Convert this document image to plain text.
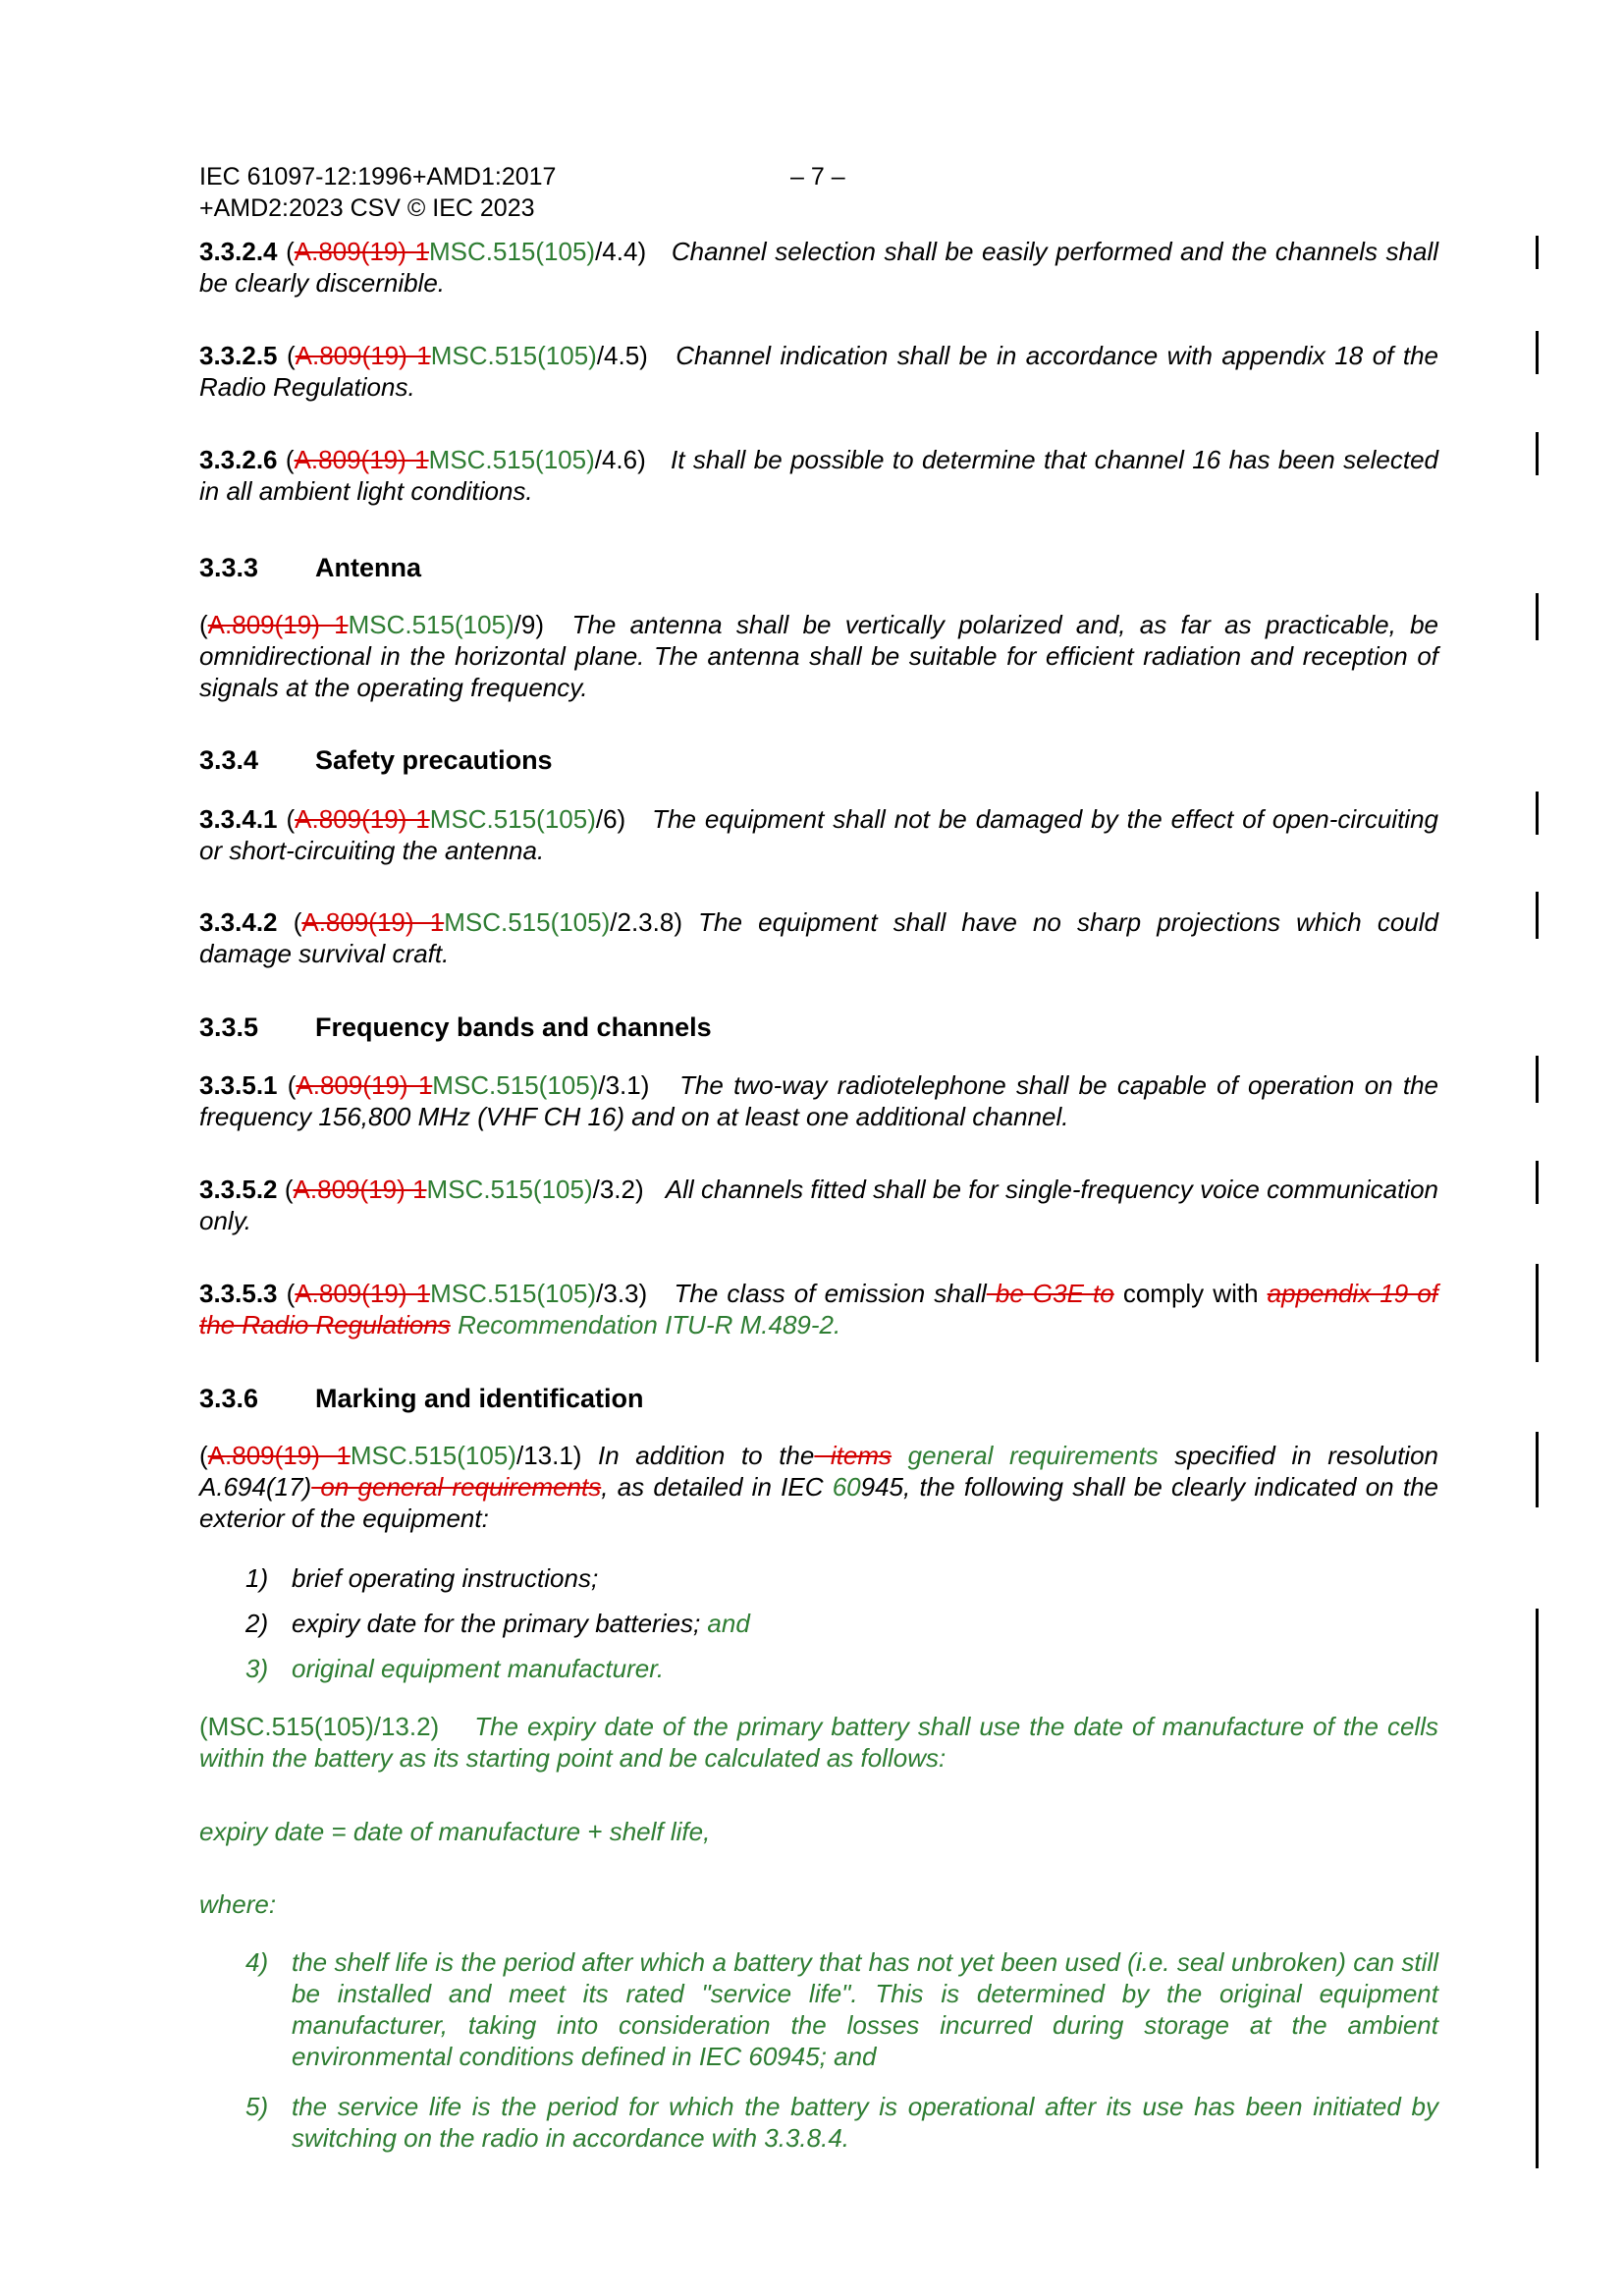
IEC 61097-12:1996+AMD1:2017
+AMD2:2023 CSV © IEC 2023
– 7 –
3.3.2.4 (A.809(19) 1MSC.515(105)/4.4) Channel selection shall be easily performed and the channels shall be clearly discernible.
3.3.2.5 (A.809(19) 1MSC.515(105)/4.5) Channel indication shall be in accordance with appendix 18 of the Radio Regulations.
3.3.2.6 (A.809(19) 1MSC.515(105)/4.6) It shall be possible to determine that channel 16 has been selected in all ambient light conditions.
3.3.3 Antenna
(A.809(19) 1MSC.515(105)/9) The antenna shall be vertically polarized and, as far as practicable, be omnidirectional in the horizontal plane. The antenna shall be suitable for efficient radiation and reception of signals at the operating frequency.
3.3.4 Safety precautions
3.3.4.1 (A.809(19) 1MSC.515(105)/6) The equipment shall not be damaged by the effect of open-circuiting or short-circuiting the antenna.
3.3.4.2 (A.809(19) 1MSC.515(105)/2.3.8) The equipment shall have no sharp projections which could damage survival craft.
3.3.5 Frequency bands and channels
3.3.5.1 (A.809(19) 1MSC.515(105)/3.1) The two-way radiotelephone shall be capable of operation on the frequency 156,800 MHz (VHF CH 16) and on at least one additional channel.
3.3.5.2 (A.809(19) 1MSC.515(105)/3.2) All channels fitted shall be for single-frequency voice communication only.
3.3.5.3 (A.809(19) 1MSC.515(105)/3.3) The class of emission shall be G3E to comply with appendix 19 of the Radio Regulations Recommendation ITU-R M.489-2.
3.3.6 Marking and identification
(A.809(19) 1MSC.515(105)/13.1) In addition to the items general requirements specified in resolution A.694(17) on general requirements, as detailed in IEC 60945, the following shall be clearly indicated on the exterior of the equipment:
1) brief operating instructions;
2) expiry date for the primary batteries; and
3) original equipment manufacturer.
(MSC.515(105)/13.2) The expiry date of the primary battery shall use the date of manufacture of the cells within the battery as its starting point and be calculated as follows:
expiry date = date of manufacture + shelf life,
where:
4) the shelf life is the period after which a battery that has not yet been used (i.e. seal unbroken) can still be installed and meet its rated "service life". This is determined by the original equipment manufacturer, taking into consideration the losses incurred during storage at the ambient environmental conditions defined in IEC 60945; and
5) the service life is the period for which the battery is operational after its use has been initiated by switching on the radio in accordance with 3.3.8.4.
